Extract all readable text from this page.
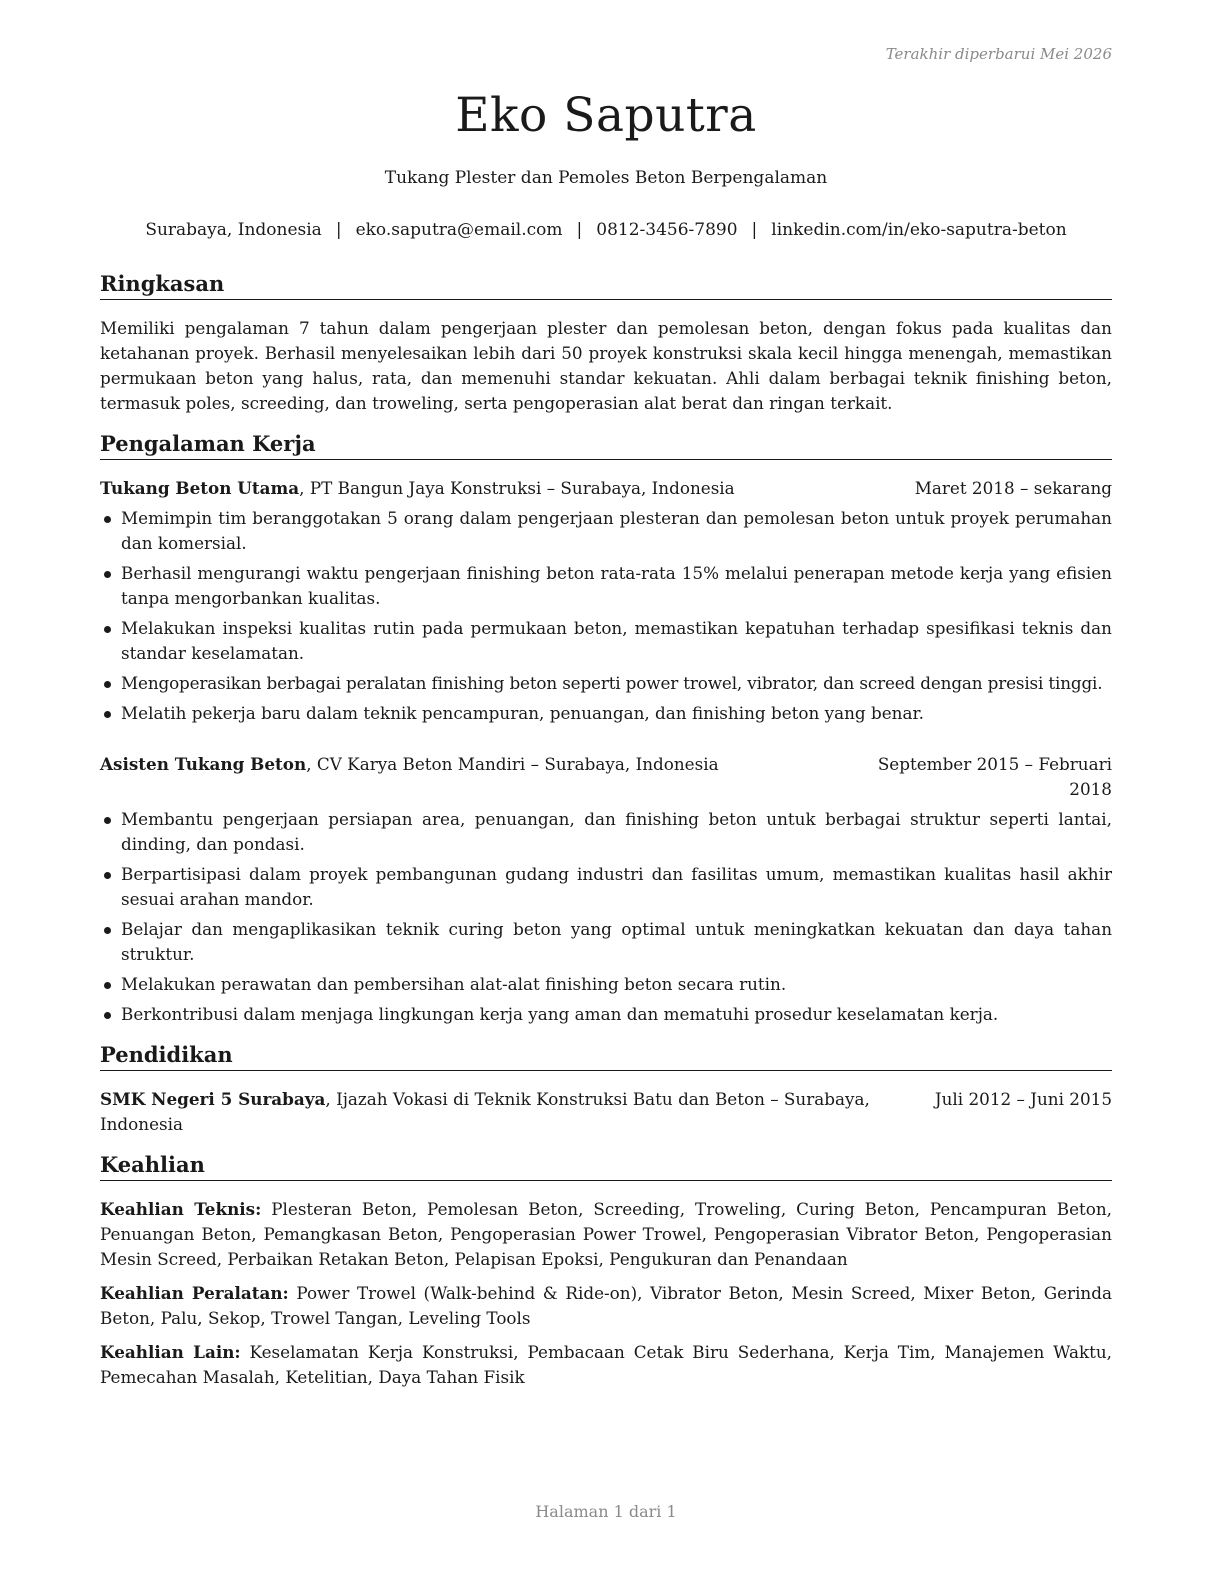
Terakhir diperbarui Mei 2026
Eko Saputra
Tukang Plester dan Pemoles Beton Berpengalaman
Surabaya, Indonesia | eko.saputra@email.com | 0812-3456-7890 | linkedin.com/in/eko-saputra-beton
Ringkasan

Memiliki pengalaman 7 tahun dalam pengerjaan plester dan pemolesan beton, dengan fokus pada kualitas dan ketahanan proyek. Berhasil menyelesaikan lebih dari 50 proyek konstruksi skala kecil hingga menengah, memastikan permukaan beton yang halus, rata, dan memenuhi standar kekuatan. Ahli dalam berbagai teknik finishing beton, termasuk poles, screeding, dan troweling, serta pengoperasian alat berat dan ringan terkait.

Pengalaman Kerja
Tukang Beton Utama, PT Bangun Jaya Konstruksi – Surabaya, Indonesia	Maret 2018 – sekarang
Memimpin tim beranggotakan 5 orang dalam pengerjaan plesteran dan pemolesan beton untuk proyek perumahan dan komersial.
Berhasil mengurangi waktu pengerjaan finishing beton rata-rata 15% melalui penerapan metode kerja yang efisien tanpa mengorbankan kualitas.
Melakukan inspeksi kualitas rutin pada permukaan beton, memastikan kepatuhan terhadap spesifikasi teknis dan standar keselamatan.
Mengoperasikan berbagai peralatan finishing beton seperti power trowel, vibrator, dan screed dengan presisi tinggi.
Melatih pekerja baru dalam teknik pencampuran, penuangan, dan finishing beton yang benar.
Asisten Tukang Beton, CV Karya Beton Mandiri – Surabaya, Indonesia	September 2015 – Februari 2018
Membantu pengerjaan persiapan area, penuangan, dan finishing beton untuk berbagai struktur seperti lantai, dinding, dan pondasi.
Berpartisipasi dalam proyek pembangunan gudang industri dan fasilitas umum, memastikan kualitas hasil akhir sesuai arahan mandor.
Belajar dan mengaplikasikan teknik curing beton yang optimal untuk meningkatkan kekuatan dan daya tahan struktur.
Melakukan perawatan dan pembersihan alat-alat finishing beton secara rutin.
Berkontribusi dalam menjaga lingkungan kerja yang aman dan mematuhi prosedur keselamatan kerja.
Pendidikan
SMK Negeri 5 Surabaya, Ijazah Vokasi di Teknik Konstruksi Batu dan Beton – Surabaya, Indonesia
Juli 2012 – Juni 2015
Keahlian

Keahlian Teknis: Plesteran Beton, Pemolesan Beton, Screeding, Troweling, Curing Beton, Pencampuran Beton, Penuangan Beton, Pemangkasan Beton, Pengoperasian Power Trowel, Pengoperasian Vibrator Beton, Pengoperasian Mesin Screed, Perbaikan Retakan Beton, Pelapisan Epoksi, Pengukuran dan Penandaan

Keahlian Peralatan: Power Trowel (Walk-behind & Ride-on), Vibrator Beton, Mesin Screed, Mixer Beton, Gerinda Beton, Palu, Sekop, Trowel Tangan, Leveling Tools

Keahlian Lain: Keselamatan Kerja Konstruksi, Pembacaan Cetak Biru Sederhana, Kerja Tim, Manajemen Waktu, Pemecahan Masalah, Ketelitian, Daya Tahan Fisik

Halaman 1 dari 1
